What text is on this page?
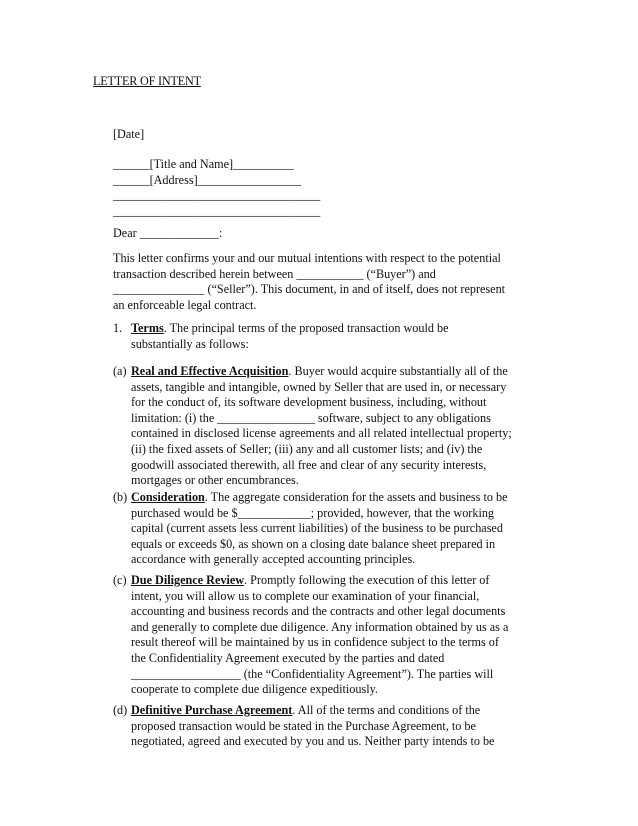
LETTER OF INTENT
[Date]
______[Title and Name]__________
______[Address]_________________
__________________________________
__________________________________
Dear _____________:
This letter confirms your and our mutual intentions with respect to the potential
transaction described herein between ___________ (“Buyer”) and
_______________ (“Seller”). This document, in and of itself, does not represent
an enforceable legal contract.
1. Terms. The principal terms of the proposed transaction would be
substantially as follows:
(a) Real and Effective Acquisition. Buyer would acquire substantially all of the
assets, tangible and intangible, owned by Seller that are used in, or necessary
for the conduct of, its software development business, including, without
limitation: (i) the ________________ software, subject to any obligations
contained in disclosed license agreements and all related intellectual property;
(ii) the fixed assets of Seller; (iii) any and all customer lists; and (iv) the
goodwill associated therewith, all free and clear of any security interests,
mortgages or other encumbrances.
(b) Consideration. The aggregate consideration for the assets and business to be
purchased would be $____________; provided, however, that the working
capital (current assets less current liabilities) of the business to be purchased
equals or exceeds $0, as shown on a closing date balance sheet prepared in
accordance with generally accepted accounting principles.
(c) Due Diligence Review. Promptly following the execution of this letter of
intent, you will allow us to complete our examination of your financial,
accounting and business records and the contracts and other legal documents
and generally to complete due diligence. Any information obtained by us as a
result thereof will be maintained by us in confidence subject to the terms of
the Confidentiality Agreement executed by the parties and dated
__________________ (the “Confidentiality Agreement”). The parties will
cooperate to complete due diligence expeditiously.
(d) Definitive Purchase Agreement. All of the terms and conditions of the
proposed transaction would be stated in the Purchase Agreement, to be
negotiated, agreed and executed by you and us. Neither party intends to be
